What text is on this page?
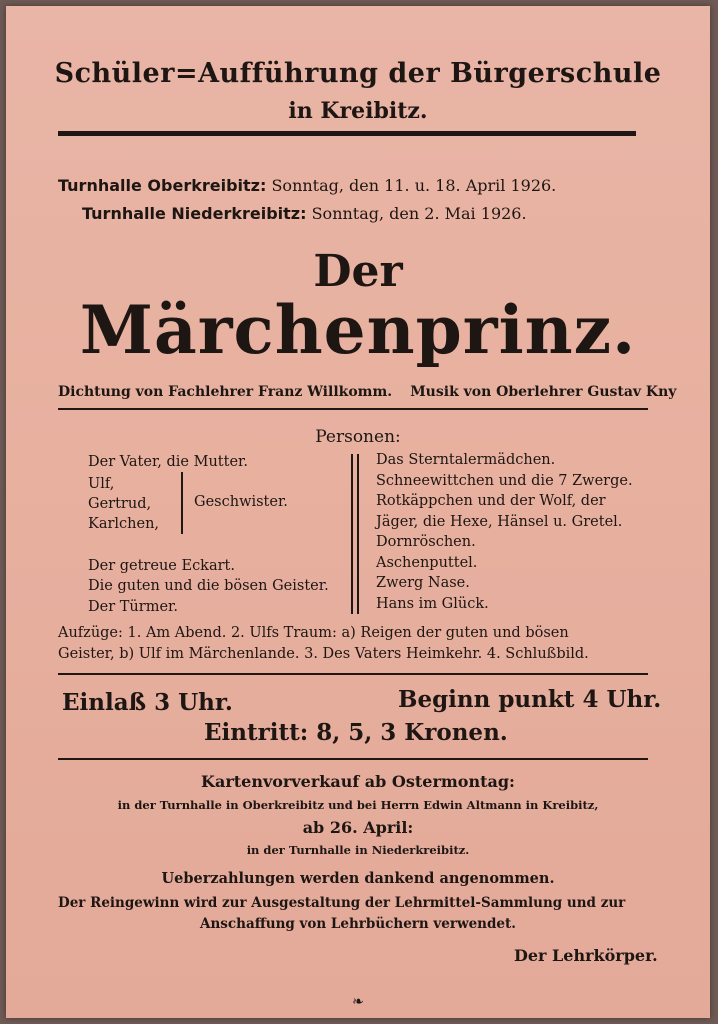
Schüler=Aufführung der Bürgerschule
in Kreibitz.
Turnhalle Oberkreibitz: Sonntag, den 11. u. 18. April 1926.
Turnhalle Niederkreibitz: Sonntag, den 2. Mai 1926.
Der
Märchenprinz.
Dichtung von Fachlehrer Franz Willkomm. Musik von Oberlehrer Gustav Kny
Personen:
Der Vater, die Mutter.
Ulf,
Gertrud,
Karlchen,
Geschwister.
Der getreue Eckart.
Die guten und die bösen Geister.
Der Türmer.
Das Sterntalermädchen.
Schneewittchen und die 7 Zwerge.
Rotkäppchen und der Wolf, der
Jäger, die Hexe, Hänsel u. Gretel.
Dornröschen.
Aschenputtel.
Zwerg Nase.
Hans im Glück.
Aufzüge: 1. Am Abend. 2. Ulfs Traum: a) Reigen der guten und bösen
Geister, b) Ulf im Märchenlande. 3. Des Vaters Heimkehr. 4. Schlußbild.
Einlaß 3 Uhr.	Beginn punkt 4 Uhr.
Eintritt: 8, 5, 3 Kronen.
Kartenvorverkauf ab Ostermontag:
in der Turnhalle in Oberkreibitz und bei Herrn Edwin Altmann in Kreibitz,
ab 26. April:
in der Turnhalle in Niederkreibitz.
Ueberzahlungen werden dankend angenommen.
Der Reingewinn wird zur Ausgestaltung der Lehrmittel-Sammlung und zur
Anschaffung von Lehrbüchern verwendet.
Der Lehrkörper.
❧
